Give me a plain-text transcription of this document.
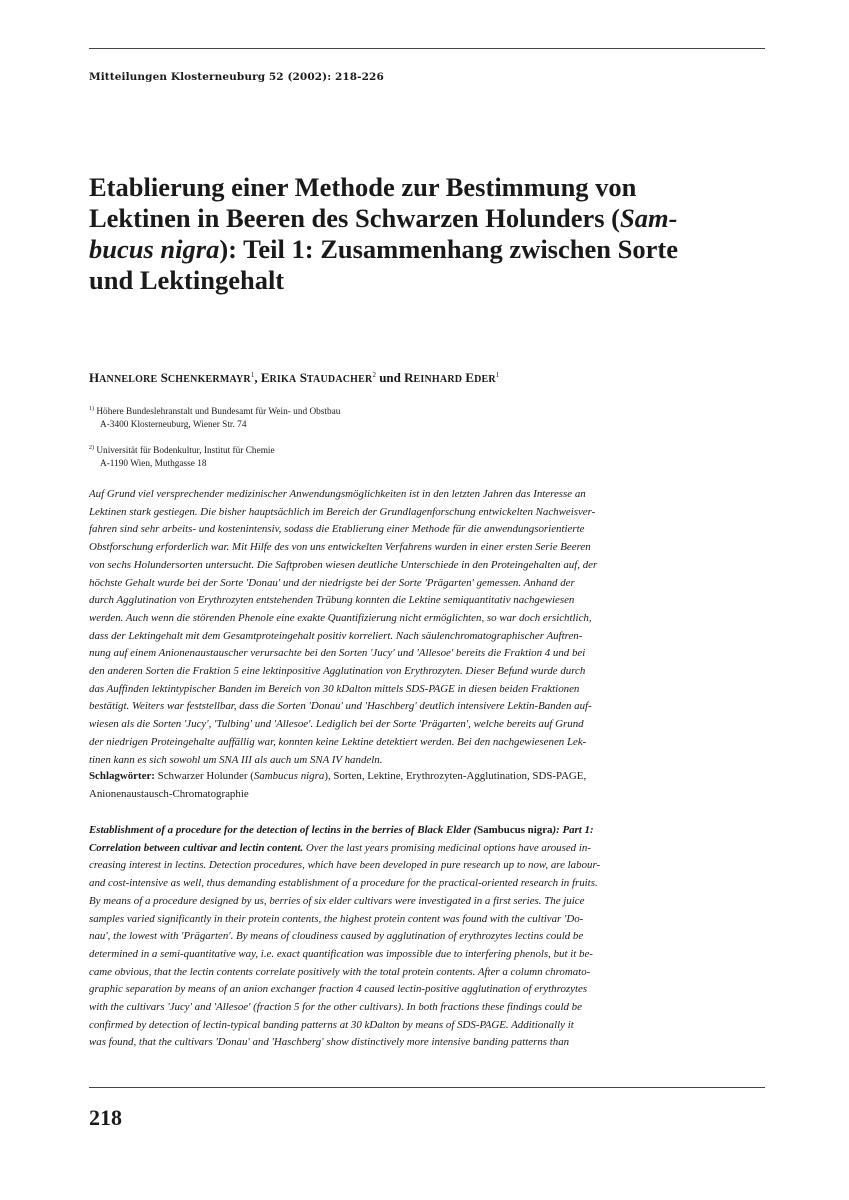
Mitteilungen Klosterneuburg 52 (2002): 218-226
Etablierung einer Methode zur Bestimmung von
Lektinen in Beeren des Schwarzen Holunders (Sam-
bucus nigra): Teil 1: Zusammenhang zwischen Sorte
und Lektingehalt
HANNELORE SCHENKERMAYR$^1$, ERIKA STAUDACHER$^2$ und REINHARD EDER$^1$
$^{1)}$ Höhere Bundeslehranstalt und Bundesamt für Wein- und Obstbau
A-3400 Klosterneuburg, Wiener Str. 74
$^{2)}$ Universität für Bodenkultur, Institut für Chemie
A-1190 Wien, Muthgasse 18
Auf Grund viel versprechender medizinischer Anwendungsmöglichkeiten ist in den letzten Jahren das Interesse an
Lektinen stark gestiegen. Die bisher hauptsächlich im Bereich der Grundlagenforschung entwickelten Nachweisver-
fahren sind sehr arbeits- und kostenintensiv, sodass die Etablierung einer Methode für die anwendungsorientierte
Obstforschung erforderlich war. Mit Hilfe des von uns entwickelten Verfahrens wurden in einer ersten Serie Beeren
von sechs Holundersorten untersucht. Die Saftproben wiesen deutliche Unterschiede in den Proteingehalten auf, der
höchste Gehalt wurde bei der Sorte 'Donau' und der niedrigste bei der Sorte 'Prägarten' gemessen. Anhand der
durch Agglutination von Erythrozyten entstehenden Trübung konnten die Lektine semiquantitativ nachgewiesen
werden. Auch wenn die störenden Phenole eine exakte Quantifizierung nicht ermöglichten, so war doch ersichtlich,
dass der Lektingehalt mit dem Gesamtproteingehalt positiv korreliert. Nach säulenchromatographischer Auftren-
nung auf einem Anionenaustauscher verursachte bei den Sorten 'Jucy' und 'Allesoe' bereits die Fraktion 4 und bei
den anderen Sorten die Fraktion 5 eine lektinpositive Agglutination von Erythrozyten. Dieser Befund wurde durch
das Auffinden lektintypischer Banden im Bereich von 30 kDalton mittels SDS-PAGE in diesen beiden Fraktionen
bestätigt. Weiters war feststellbar, dass die Sorten 'Donau' und 'Haschberg' deutlich intensivere Lektin-Banden auf-
wiesen als die Sorten 'Jucy', 'Tulbing' und 'Allesoe'. Lediglich bei der Sorte 'Prägarten', welche bereits auf Grund
der niedrigen Proteingehalte auffällig war, konnten keine Lektine detektiert werden. Bei den nachgewiesenen Lek-
tinen kann es sich sowohl um SNA III als auch um SNA IV handeln.
Schlagwörter: Schwarzer Holunder (Sambucus nigra), Sorten, Lektine, Erythrozyten-Agglutination, SDS-PAGE,
Anionenaustausch-Chromatographie
Establishment of a procedure for the detection of lectins in the berries of Black Elder (Sambucus nigra): Part 1:
Correlation between cultivar and lectin content. Over the last years promising medicinal options have aroused in-
creasing interest in lectins. Detection procedures, which have been developed in pure research up to now, are labour-
and cost-intensive as well, thus demanding establishment of a procedure for the practical-oriented research in fruits.
By means of a procedure designed by us, berries of six elder cultivars were investigated in a first series. The juice
samples varied significantly in their protein contents, the highest protein content was found with the cultivar 'Do-
nau', the lowest with 'Prägarten'. By means of cloudiness caused by agglutination of erythrozytes lectins could be
determined in a semi-quantitative way, i.e. exact quantification was impossible due to interfering phenols, but it be-
came obvious, that the lectin contents correlate positively with the total protein contents. After a column chromato-
graphic separation by means of an anion exchanger fraction 4 caused lectin-positive agglutination of erythrozytes
with the cultivars 'Jucy' and 'Allesoe' (fraction 5 for the other cultivars). In both fractions these findings could be
confirmed by detection of lectin-typical banding patterns at 30 kDalton by means of SDS-PAGE. Additionally it
was found, that the cultivars 'Donau' and 'Haschberg' show distinctively more intensive banding patterns than
218
